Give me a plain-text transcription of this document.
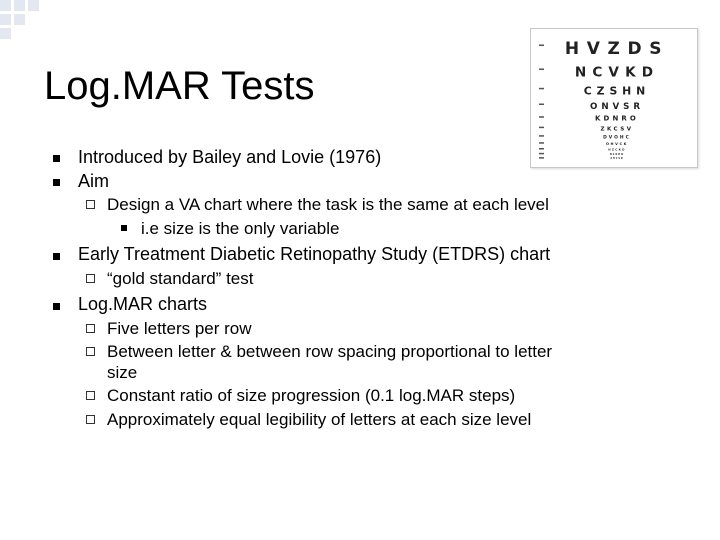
Log.MAR Tests
HVZDS
NCVKD
CZSHN
ONVSR
KDNRO
ZKCSV
DVOHC
OHVCK
HZCKO
NCKHD
ZHCSR
Introduced by Bailey and Lovie (1976)
Aim
Design a VA chart where the task is the same at each level
i.e size is the only variable
Early Treatment Diabetic Retinopathy Study (ETDRS) chart
“gold standard” test
Log.MAR charts
Five letters per row
Between letter & between row spacing proportional to letter
size
Constant ratio of size progression (0.1 log.MAR steps)
Approximately equal legibility of letters at each size level
